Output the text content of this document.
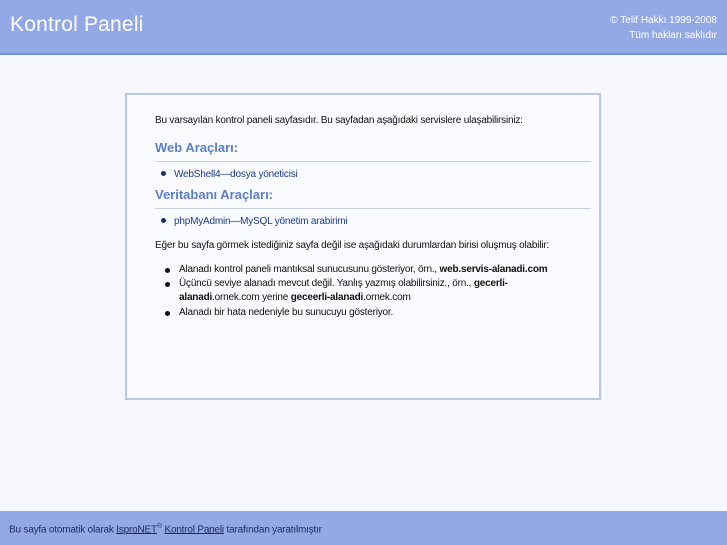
Kontrol Paneli	© Telif Hakkı 1999-2008
Tüm hakları saklıdır
Bu varsayılan kontrol paneli sayfasıdır. Bu sayfadan aşağıdaki servislere ulaşabilirsiniz:
Web Araçları:
WebShell4—dosya yöneticisi
Veritabanı Araçları:
phpMyAdmin—MySQL yönetim arabirimi
Eğer bu sayfa görmek istediğiniz sayfa değil ise aşağıdaki durumlardan birisi oluşmuş olabilir:
Alanadı kontrol paneli mantıksal sunucusunu gösteriyor, örn., web.servis-alanadi.com
Üçüncü seviye alanadı mevcut değil. Yanlış yazmış olabilirsiniz., örn., gecerli-alanadi.ornek.com yerine geceerli-alanadi.ornek.com
Alanadı bir hata nedeniyle bu sunucuyu gösteriyor.
Bu sayfa otomatik olarak IsproNET® Kontrol Paneli tarafından yaratılmıştır
